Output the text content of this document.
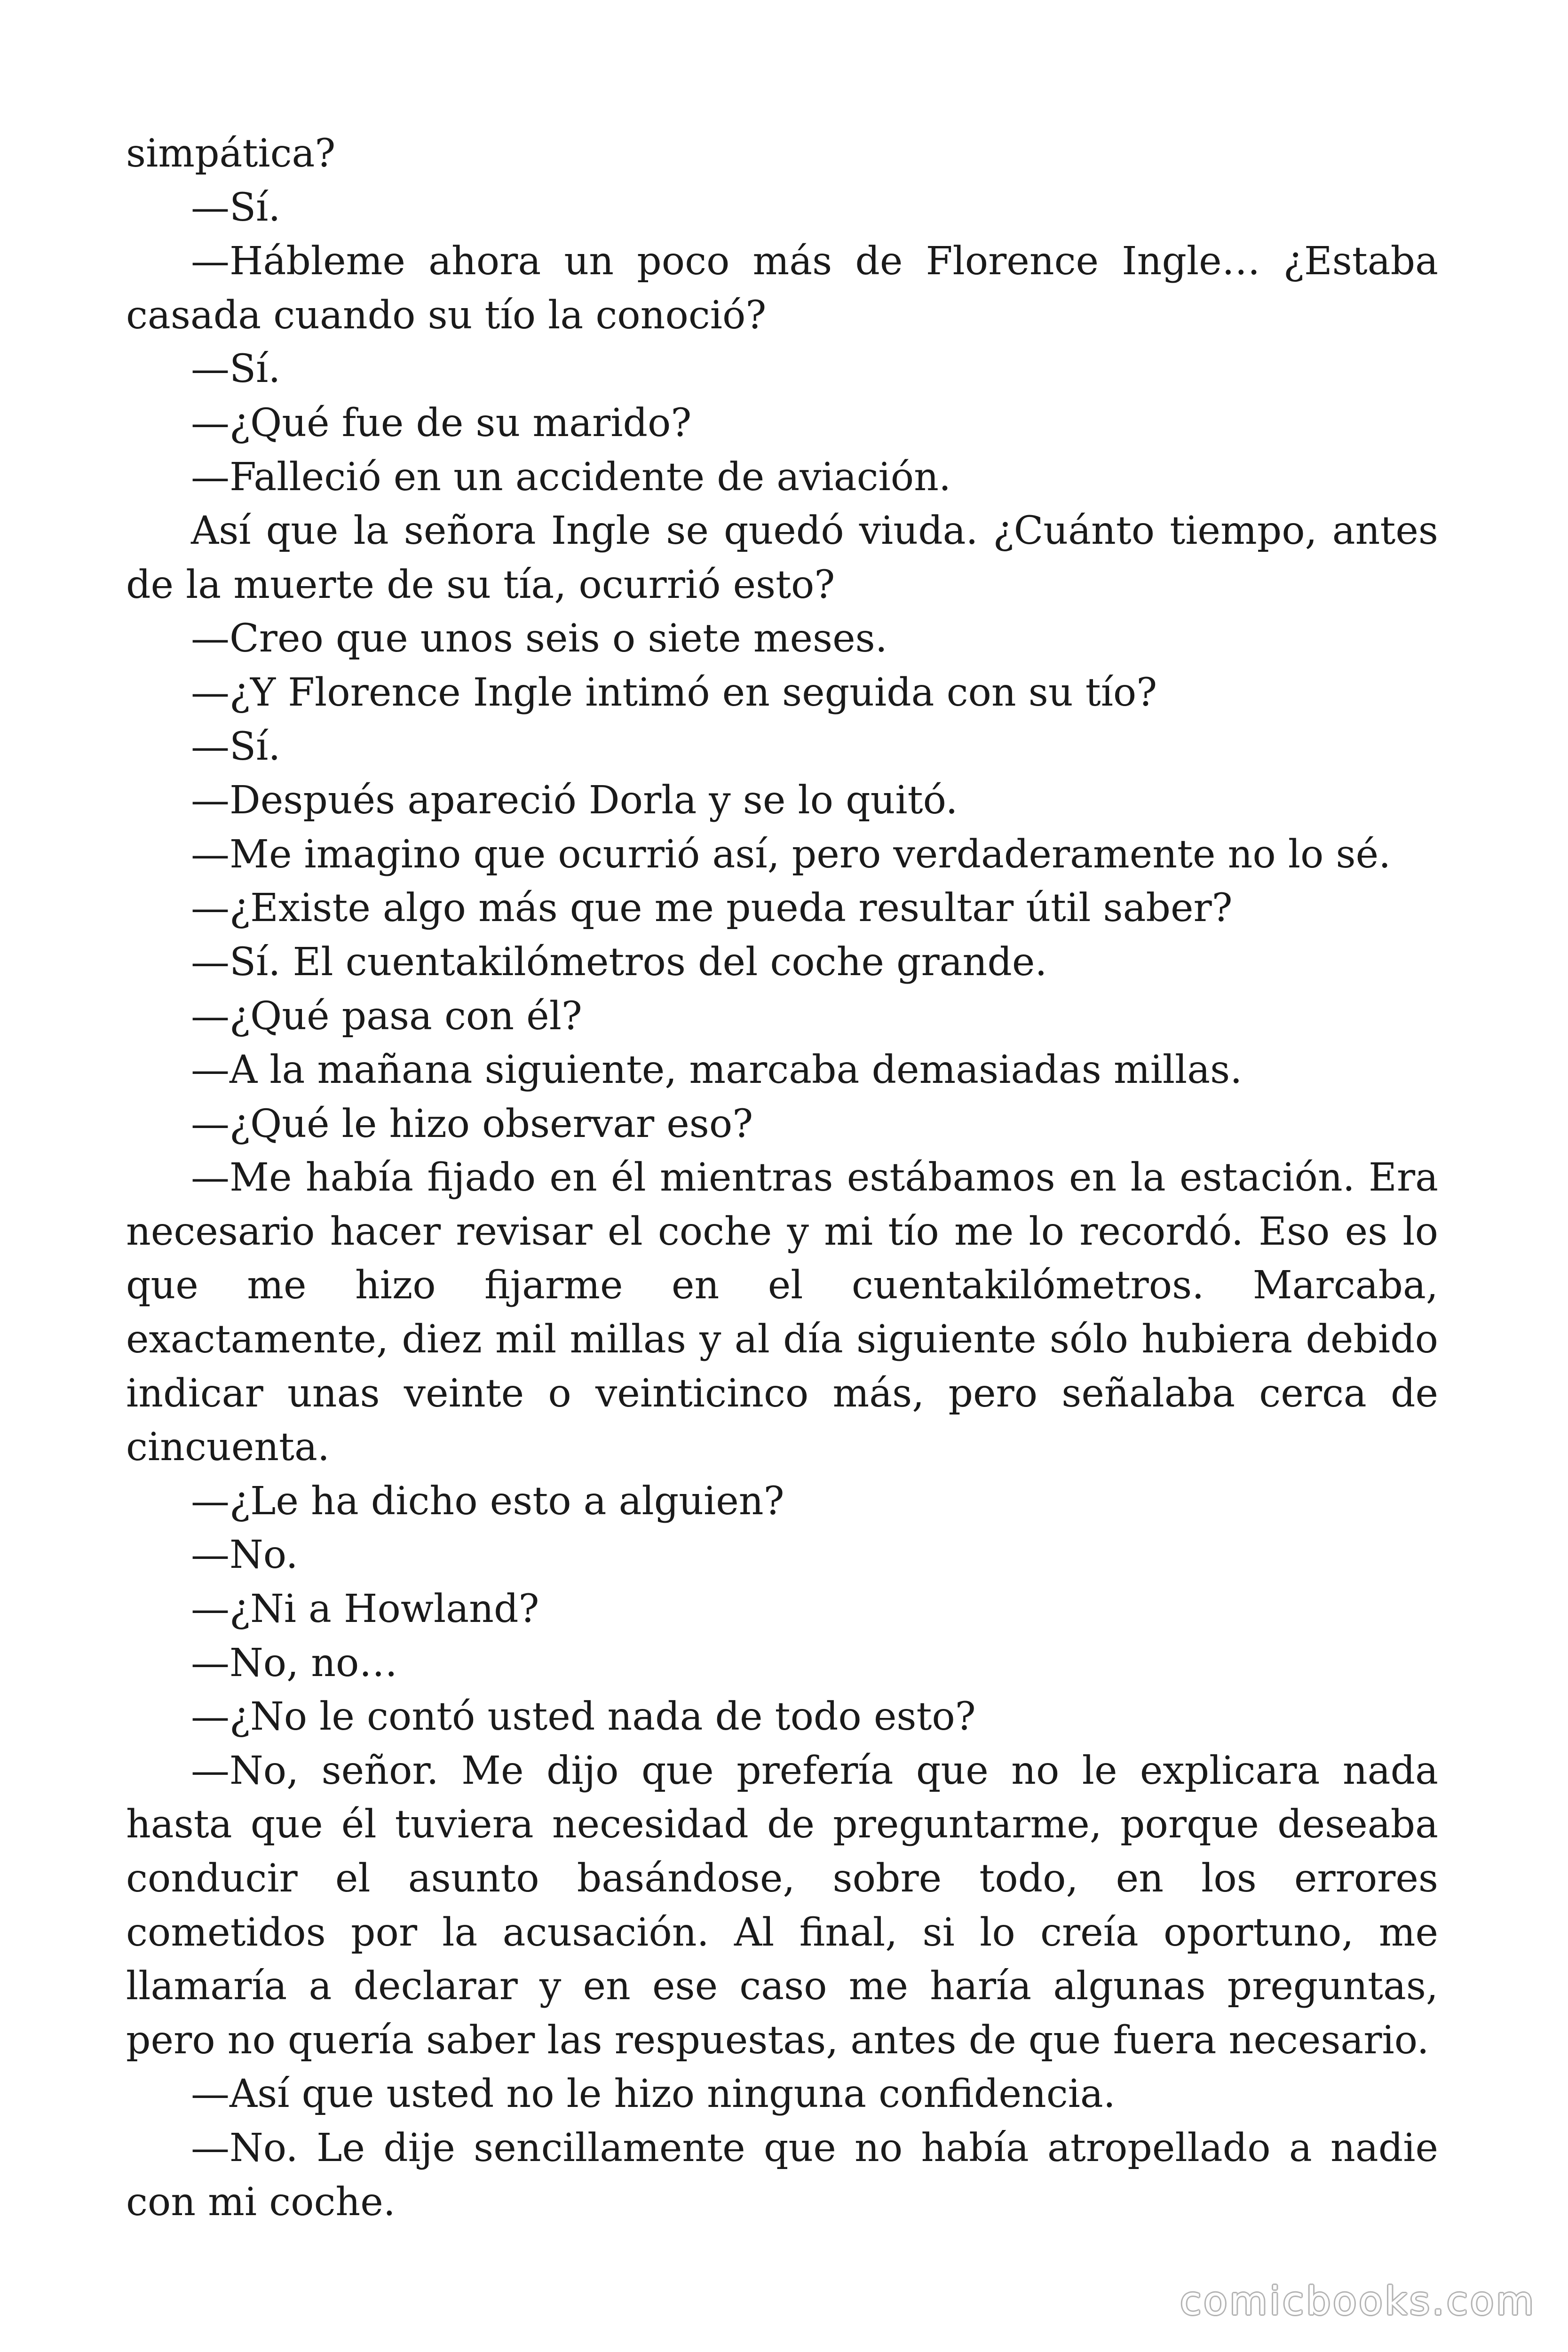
simpática?

—Sí.

—Hábleme ahora un poco más de Florence Ingle… ¿Estaba casada cuando su tío la conoció?

—Sí.

—¿Qué fue de su marido?

—Falleció en un accidente de aviación.

Así que la señora Ingle se quedó viuda. ¿Cuánto tiempo, antes de la muerte de su tía, ocurrió esto?

—Creo que unos seis o siete meses.

—¿Y Florence Ingle intimó en seguida con su tío?

—Sí.

—Después apareció Dorla y se lo quitó.

—Me imagino que ocurrió así, pero verdaderamente no lo sé.

—¿Existe algo más que me pueda resultar útil saber?

—Sí. El cuentakilómetros del coche grande.

—¿Qué pasa con él?

—A la mañana siguiente, marcaba demasiadas millas.

—¿Qué le hizo observar eso?

—Me había fijado en él mientras estábamos en la estación. Era necesario hacer revisar el coche y mi tío me lo recordó. Eso es lo que me hizo fijarme en el cuentakilómetros. Marcaba, exactamente, diez mil millas y al día siguiente sólo hubiera debido indicar unas veinte o veinticinco más, pero señalaba cerca de cincuenta.

—¿Le ha dicho esto a alguien?

—No.

—¿Ni a Howland?

—No, no…

—¿No le contó usted nada de todo esto?

—No, señor. Me dijo que prefería que no le explicara nada hasta que él tuviera necesidad de preguntarme, porque deseaba conducir el asunto basándose, sobre todo, en los errores cometidos por la acusación. Al final, si lo creía oportuno, me llamaría a declarar y en ese caso me haría algunas preguntas, pero no quería saber las respuestas, antes de que fuera necesario.

—Así que usted no le hizo ninguna confidencia.

—No. Le dije sencillamente que no había atropellado a nadie con mi coche.

comicbooks.com
